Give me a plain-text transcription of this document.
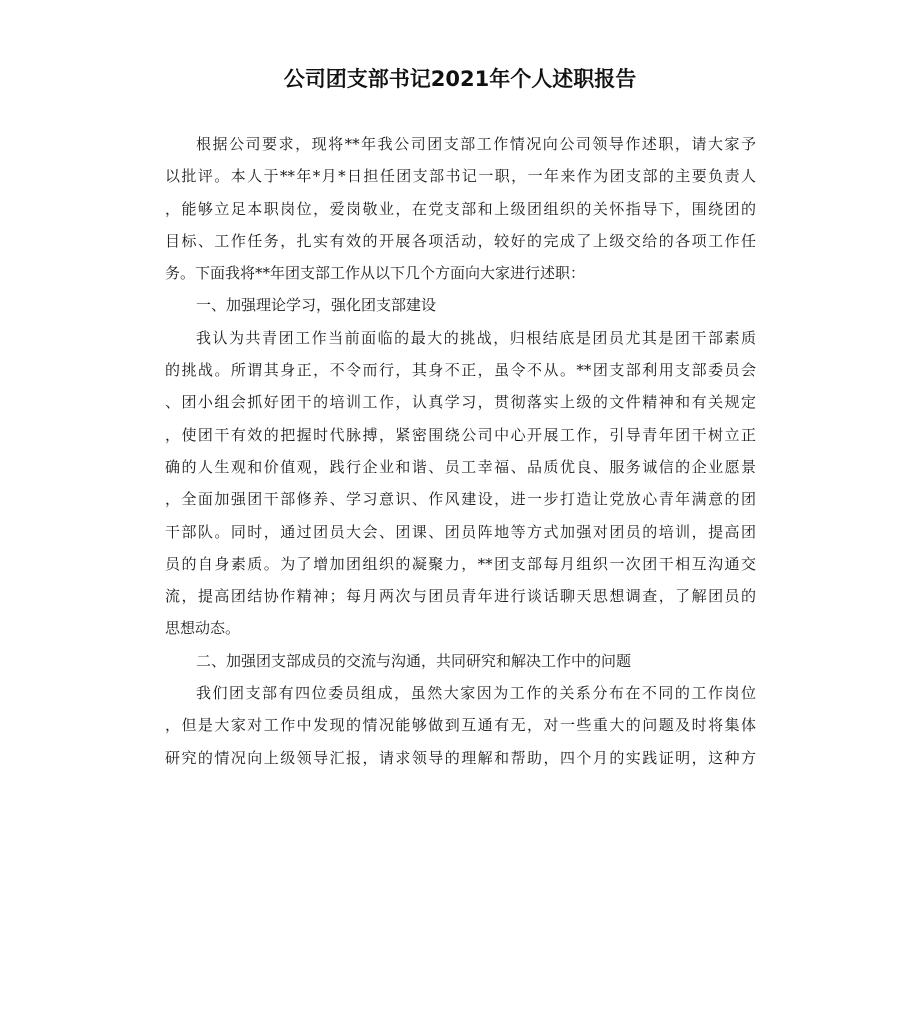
公司团支部书记2021年个人述职报告
根据公司要求，现将**年我公司团支部工作情况向公司领导作述职，请大家予
以批评。本人于**年*月*日担任团支部书记一职，一年来作为团支部的主要负责人
，能够立足本职岗位，爱岗敬业，在党支部和上级团组织的关怀指导下，围绕团的
目标、工作任务，扎实有效的开展各项活动，较好的完成了上级交给的各项工作任
务。下面我将**年团支部工作从以下几个方面向大家进行述职：
一、加强理论学习，强化团支部建设
我认为共青团工作当前面临的最大的挑战，归根结底是团员尤其是团干部素质
的挑战。所谓其身正，不令而行，其身不正，虽令不从。**团支部利用支部委员会
、团小组会抓好团干的培训工作，认真学习，贯彻落实上级的文件精神和有关规定
，使团干有效的把握时代脉搏，紧密围绕公司中心开展工作，引导青年团干树立正
确的人生观和价值观，践行企业和谐、员工幸福、品质优良、服务诚信的企业愿景
，全面加强团干部修养、学习意识、作风建设，进一步打造让党放心青年满意的团
干部队。同时，通过团员大会、团课、团员阵地等方式加强对团员的培训，提高团
员的自身素质。为了增加团组织的凝聚力，**团支部每月组织一次团干相互沟通交
流，提高团结协作精神；每月两次与团员青年进行谈话聊天思想调查，了解团员的
思想动态。
二、加强团支部成员的交流与沟通，共同研究和解决工作中的问题
我们团支部有四位委员组成，虽然大家因为工作的关系分布在不同的工作岗位
，但是大家对工作中发现的情况能够做到互通有无，对一些重大的问题及时将集体
研究的情况向上级领导汇报，请求领导的理解和帮助，四个月的实践证明，这种方
